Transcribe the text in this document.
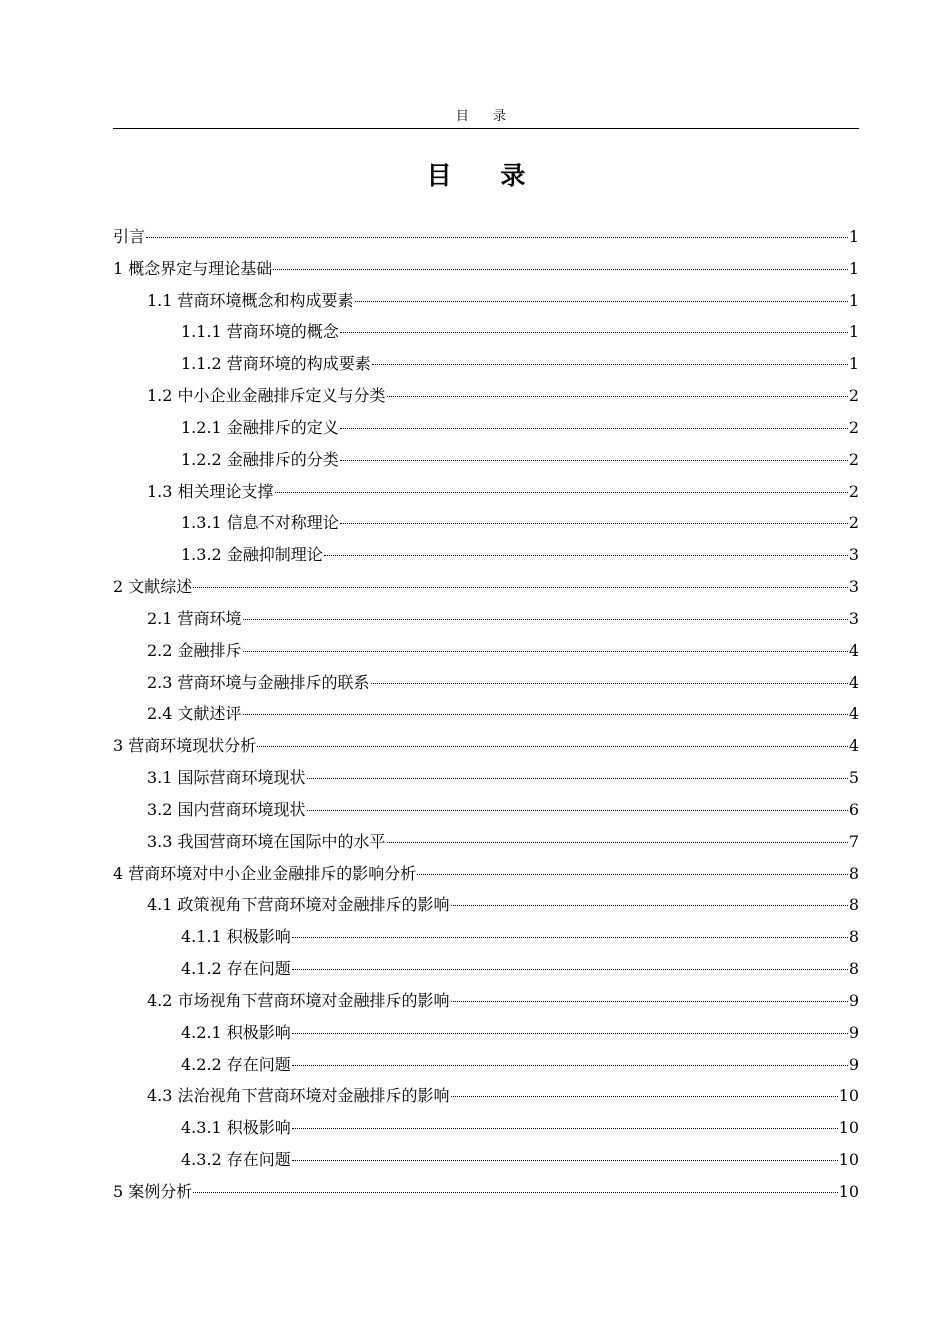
目 录
目 录
引言	1
1 概念界定与理论基础	1
1.1 营商环境概念和构成要素	1
1.1.1 营商环境的概念	1
1.1.2 营商环境的构成要素	1
1.2 中小企业金融排斥定义与分类	2
1.2.1 金融排斥的定义	2
1.2.2 金融排斥的分类	2
1.3 相关理论支撑	2
1.3.1 信息不对称理论	2
1.3.2 金融抑制理论	3
2 文献综述	3
2.1 营商环境	3
2.2 金融排斥	4
2.3 营商环境与金融排斥的联系	4
2.4 文献述评	4
3 营商环境现状分析	4
3.1 国际营商环境现状	5
3.2 国内营商环境现状	6
3.3 我国营商环境在国际中的水平	7
4 营商环境对中小企业金融排斥的影响分析	8
4.1 政策视角下营商环境对金融排斥的影响	8
4.1.1 积极影响	8
4.1.2 存在问题	8
4.2 市场视角下营商环境对金融排斥的影响	9
4.2.1 积极影响	9
4.2.2 存在问题	9
4.3 法治视角下营商环境对金融排斥的影响	10
4.3.1 积极影响	10
4.3.2 存在问题	10
5 案例分析	10
